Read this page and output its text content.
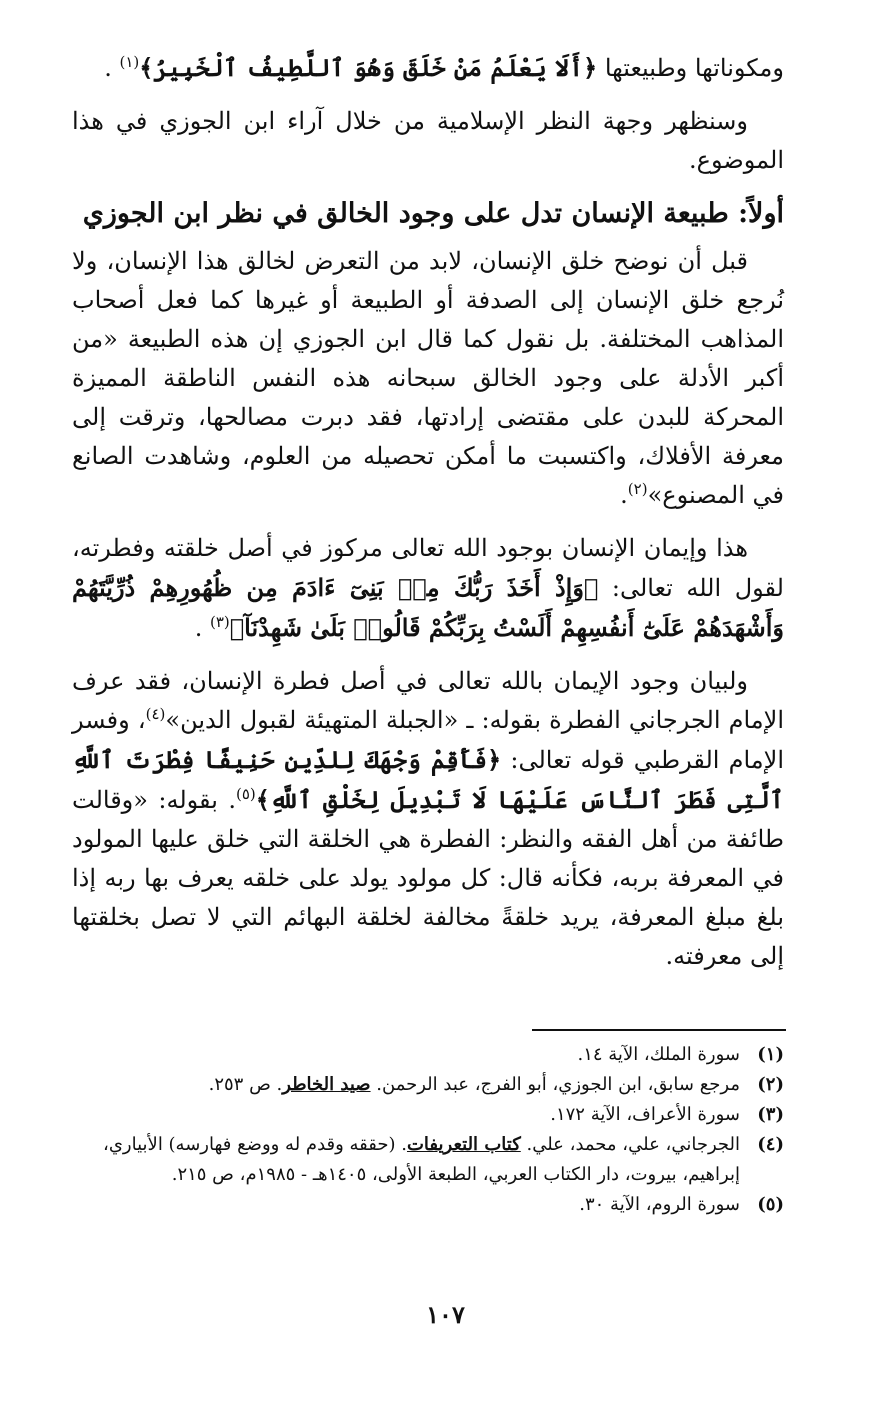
ومكوناتها وطبيعتها ﴿أَلَا يَعْلَمُ مَنْ خَلَقَ وَهُوَ ٱللَّطِيفُ ٱلْخَبِيرُ﴾$^{(١)}$ .

وسنظهر وجهة النظر الإسلامية من خلال آراء ابن الجوزي في هذا الموضوع.

أولاً: طبيعة الإنسان تدل على وجود الخالق في نظر ابن الجوزي

قبل أن نوضح خلق الإنسان، لابد من التعرض لخالق هذا الإنسان، ولا نُرجع خلق الإنسان إلى الصدفة أو الطبيعة أو غيرها كما فعل أصحاب المذاهب المختلفة. بل نقول كما قال ابن الجوزي إن هذه الطبيعة «من أكبر الأدلة على وجود الخالق سبحانه هذه النفس الناطقة المميزة المحركة للبدن على مقتضى إرادتها، فقد دبرت مصالحها، وترقت إلى معرفة الأفلاك، واكتسبت ما أمكن تحصيله من العلوم، وشاهدت الصانع في المصنوع»$^{(٢)}$.

هذا وإيمان الإنسان بوجود الله تعالى مركوز في أصل خلقته وفطرته، لقول الله تعالى: ﴿وَإِذْ أَخَذَ رَبُّكَ مِنۢ بَنِىٓ ءَادَمَ مِن ظُهُورِهِمْ ذُرِّيَّتَهُمْ وَأَشْهَدَهُمْ عَلَىٰٓ أَنفُسِهِمْ أَلَسْتُ بِرَبِّكُمْ قَالُوا۟ بَلَىٰ شَهِدْنَآ﴾$^{(٣)}$ .

ولبيان وجود الإيمان بالله تعالى في أصل فطرة الإنسان، فقد عرف الإمام الجرجاني الفطرة بقوله: ـ «الجبلة المتهيئة لقبول الدين»$^{(٤)}$، وفسر الإمام القرطبي قوله تعالى: ﴿فَأَقِمْ وَجْهَكَ لِلدِّينِ حَنِيفًا فِطْرَتَ ٱللَّهِ ٱلَّتِى فَطَرَ ٱلنَّاسَ عَلَيْهَا لَا تَبْدِيلَ لِخَلْقِ ٱللَّهِ﴾$^{(٥)}$. بقوله: «وقالت طائفة من أهل الفقه والنظر: الفطرة هي الخلقة التي خلق عليها المولود في المعرفة بربه، فكأنه قال: كل مولود يولد على خلقه يعرف بها ربه إذا بلغ مبلغ المعرفة، يريد خلقةً مخالفة لخلقة البهائم التي لا تصل بخلقتها إلى معرفته.

(١)
سورة الملك، الآية ١٤.
(٢)
مرجع سابق، ابن الجوزي، أبو الفرج، عبد الرحمن. صيد الخاطر. ص ٢٥٣.
(٣)
سورة الأعراف، الآية ١٧٢.
(٤)
الجرجاني، علي، محمد، علي. كتاب التعريفات. (حققه وقدم له ووضع فهارسه) الأبياري، إبراهيم، بيروت، دار الكتاب العربي، الطبعة الأولى، ١٤٠٥هـ - ١٩٨٥م، ص ٢١٥.
(٥)
سورة الروم، الآية ٣٠.
١٠٧
